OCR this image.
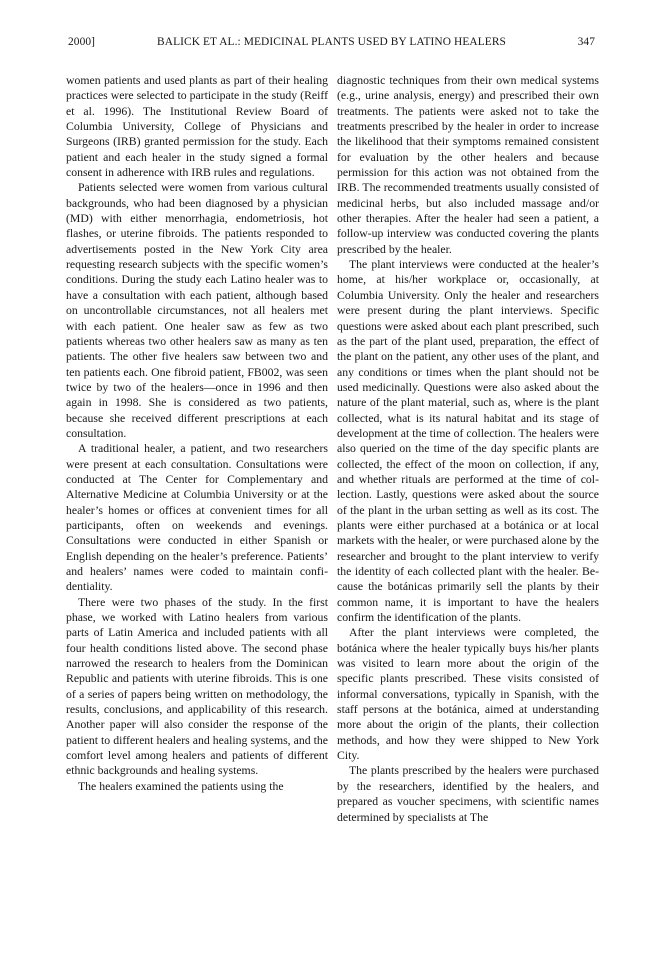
2000]	BALICK ET AL.: MEDICINAL PLANTS USED BY LATINO HEALERS	347

women patients and used plants as part of their healing practices were selected to participate in the study (Reiff et al. 1996). The Institutional Review Board of Columbia University, College of Physicians and Surgeons (IRB) granted permission for the study. Each patient and each healer in the study signed a formal consent in adherence with IRB rules and regulations.

Patients selected were women from various cultural backgrounds, who had been diagnosed by a physician (MD) with either menorrhagia, endometriosis, hot flashes, or uterine fibroids. The patients responded to advertisements posted in the New York City area requesting research subjects with the specific women’s conditions. During the study each Latino healer was to have a consultation with each patient, although based on uncontrollable circumstances, not all healers met with each patient. One healer saw as few as two patients whereas two other healers saw as many as ten patients. The other five healers saw between two and ten patients each. One fibroid patient, FB002, was seen twice by two of the healers—once in 1996 and then again in 1998. She is considered as two patients, because she received different prescriptions at each consultation.

A traditional healer, a patient, and two researchers were present at each consultation. Consultations were conducted at The Center for Complementary and Alternative Medicine at Columbia University or at the healer’s homes or offices at convenient times for all participants, often on weekends and evenings. Consultations were conducted in either Spanish or English depending on the healer’s preference. Patients’ and healers’ names were coded to maintain confidentiality.

There were two phases of the study. In the first phase, we worked with Latino healers from various parts of Latin America and included patients with all four health conditions listed above. The second phase narrowed the research to healers from the Dominican Republic and patients with uterine fibroids. This is one of a series of papers being written on methodology, the results, conclusions, and applicability of this research. Another paper will also consider the response of the patient to different healers and healing systems, and the comfort level among healers and patients of different ethnic backgrounds and healing systems.

The healers examined the patients using the

diagnostic techniques from their own medical systems (e.g., urine analysis, energy) and prescribed their own treatments. The patients were asked not to take the treatments prescribed by the healer in order to increase the likelihood that their symptoms remained consistent for evaluation by the other healers and because permission for this action was not obtained from the IRB. The recommended treatments usually consisted of medicinal herbs, but also included massage and/or other therapies. After the healer had seen a patient, a follow-up interview was conducted covering the plants prescribed by the healer.

The plant interviews were conducted at the healer’s home, at his/her workplace or, occasionally, at Columbia University. Only the healer and researchers were present during the plant interviews. Specific questions were asked about each plant prescribed, such as the part of the plant used, preparation, the effect of the plant on the patient, any other uses of the plant, and any conditions or times when the plant should not be used medicinally. Questions were also asked about the nature of the plant material, such as, where is the plant collected, what is its natural habitat and its stage of development at the time of collection. The healers were also queried on the time of the day specific plants are collected, the effect of the moon on collection, if any, and whether rituals are performed at the time of collection. Lastly, questions were asked about the source of the plant in the urban setting as well as its cost. The plants were either purchased at a botánica or at local markets with the healer, or were purchased alone by the researcher and brought to the plant interview to verify the identity of each collected plant with the healer. Because the botánicas primarily sell the plants by their common name, it is important to have the healers confirm the identification of the plants.

After the plant interviews were completed, the botánica where the healer typically buys his/her plants was visited to learn more about the origin of the specific plants prescribed. These visits consisted of informal conversations, typically in Spanish, with the staff persons at the botánica, aimed at understanding more about the origin of the plants, their collection methods, and how they were shipped to New York City.

The plants prescribed by the healers were purchased by the researchers, identified by the healers, and prepared as voucher specimens, with scientific names determined by specialists at The
